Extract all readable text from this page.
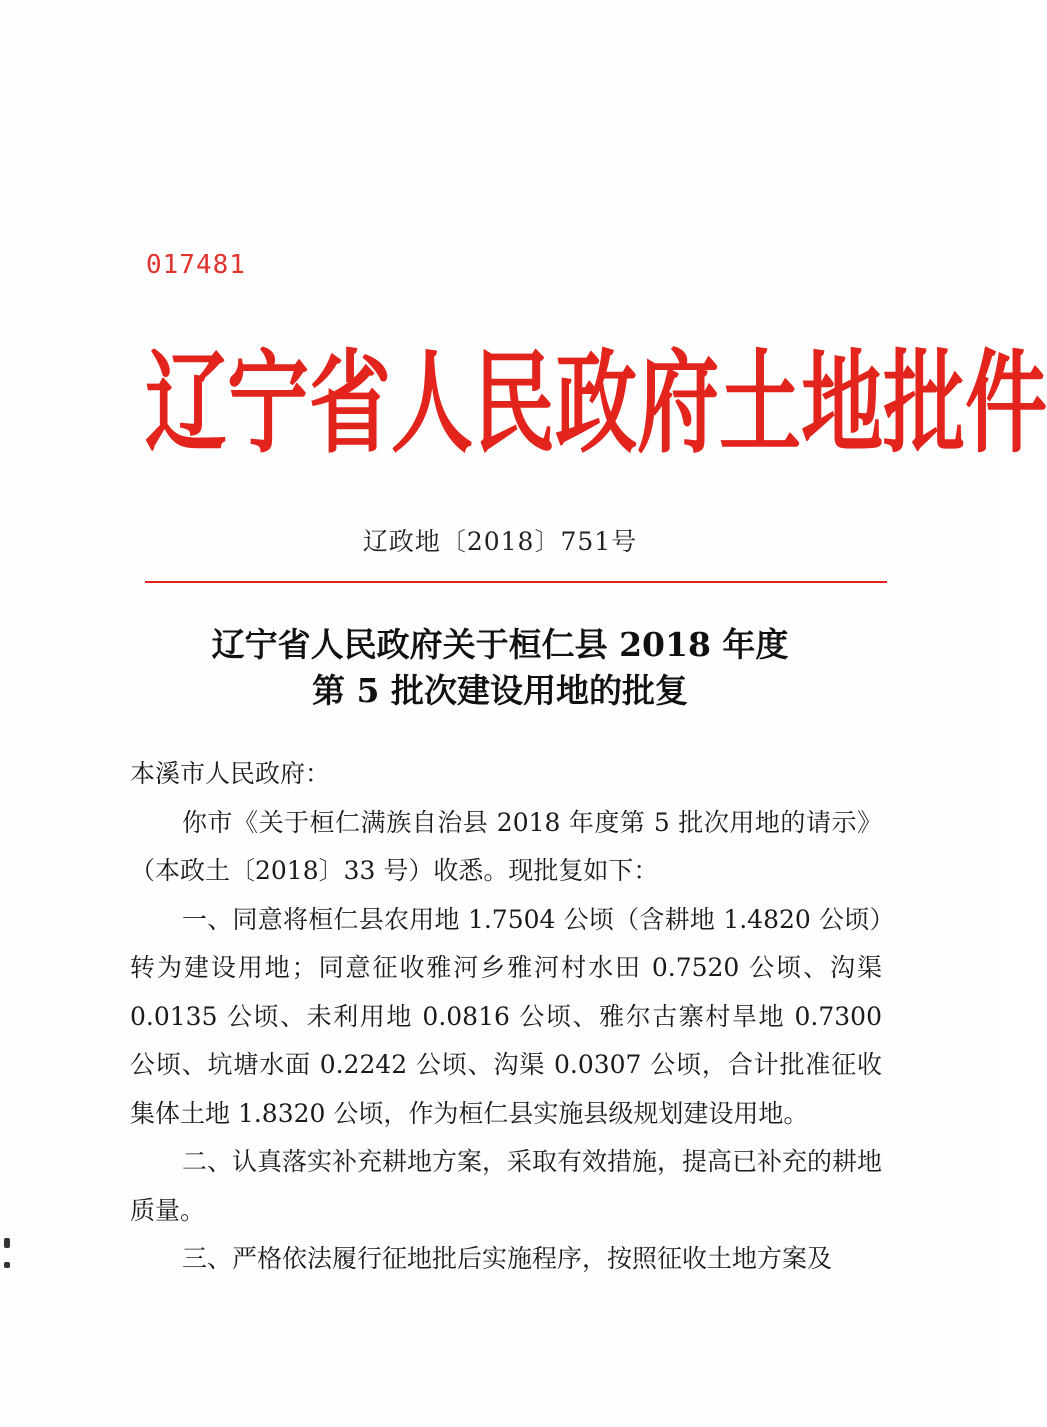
017481
辽 宁 省 人 民 政 府 土 地 批 件
辽政地〔2018〕751号
辽宁省人民政府关于桓仁县 2018 年度
第 5 批次建设用地的批复

本溪市人民政府：

你市《关于桓仁满族自治县 2018 年度第 5 批次用地的请示》（本政土〔2018〕33 号）收悉。现批复如下：

一、同意将桓仁县农用地 1.7504 公顷（含耕地 1.4820 公顷）转为建设用地；同意征收雅河乡雅河村水田 0.7520 公顷、沟渠 0.0135 公顷、未利用地 0.0816 公顷、雅尔古寨村旱地 0.7300 公顷、坑塘水面 0.2242 公顷、沟渠 0.0307 公顷，合计批准征收集体土地 1.8320 公顷，作为桓仁县实施县级规划建设用地。

二、认真落实补充耕地方案，采取有效措施，提高已补充的耕地质量。

三、严格依法履行征地批后实施程序，按照征收土地方案及
